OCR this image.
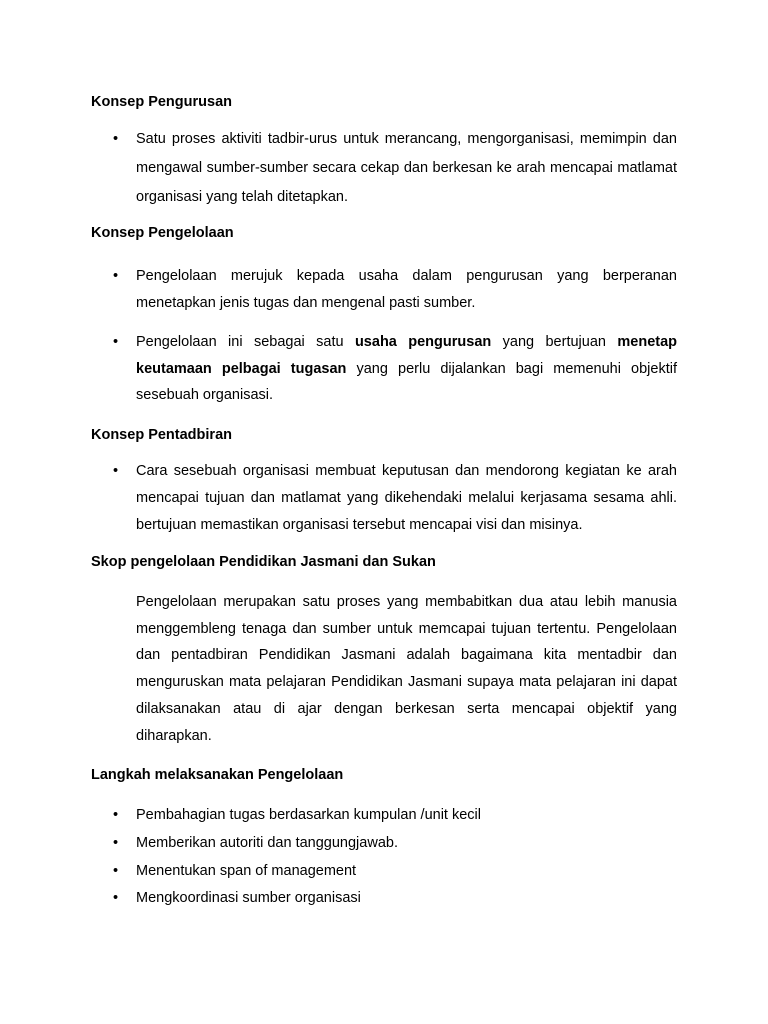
Konsep Pengurusan
• Satu proses aktiviti tadbir-urus untuk merancang, mengorganisasi, memimpin dan mengawal sumber-sumber secara cekap dan berkesan ke arah mencapai matlamat organisasi yang telah ditetapkan.

Konsep Pengelolaan
• Pengelolaan merujuk kepada usaha dalam pengurusan yang berperanan menetapkan jenis tugas dan mengenal pasti sumber.

• Pengelolaan ini sebagai satu usaha pengurusan yang bertujuan menetap keutamaan pelbagai tugasan yang perlu dijalankan bagi memenuhi objektif sesebuah organisasi.

Konsep Pentadbiran
• Cara sesebuah organisasi membuat keputusan dan mendorong kegiatan ke arah mencapai tujuan dan matlamat yang dikehendaki melalui kerjasama sesama ahli. bertujuan memastikan organisasi tersebut mencapai visi dan misinya.

Skop pengelolaan Pendidikan Jasmani dan Sukan

Pengelolaan merupakan satu proses yang membabitkan dua atau lebih manusia menggembleng tenaga dan sumber untuk memcapai tujuan tertentu. Pengelolaan dan pentadbiran Pendidikan Jasmani adalah bagaimana kita mentadbir dan menguruskan mata pelajaran Pendidikan Jasmani supaya mata pelajaran ini dapat dilaksanakan atau di ajar dengan berkesan serta mencapai objektif yang diharapkan.

Langkah melaksanakan Pengelolaan
• Pembahagian tugas berdasarkan kumpulan /unit kecil
• Memberikan autoriti dan tanggungjawab.
• Menentukan span of management
• Mengkoordinasi sumber organisasi
